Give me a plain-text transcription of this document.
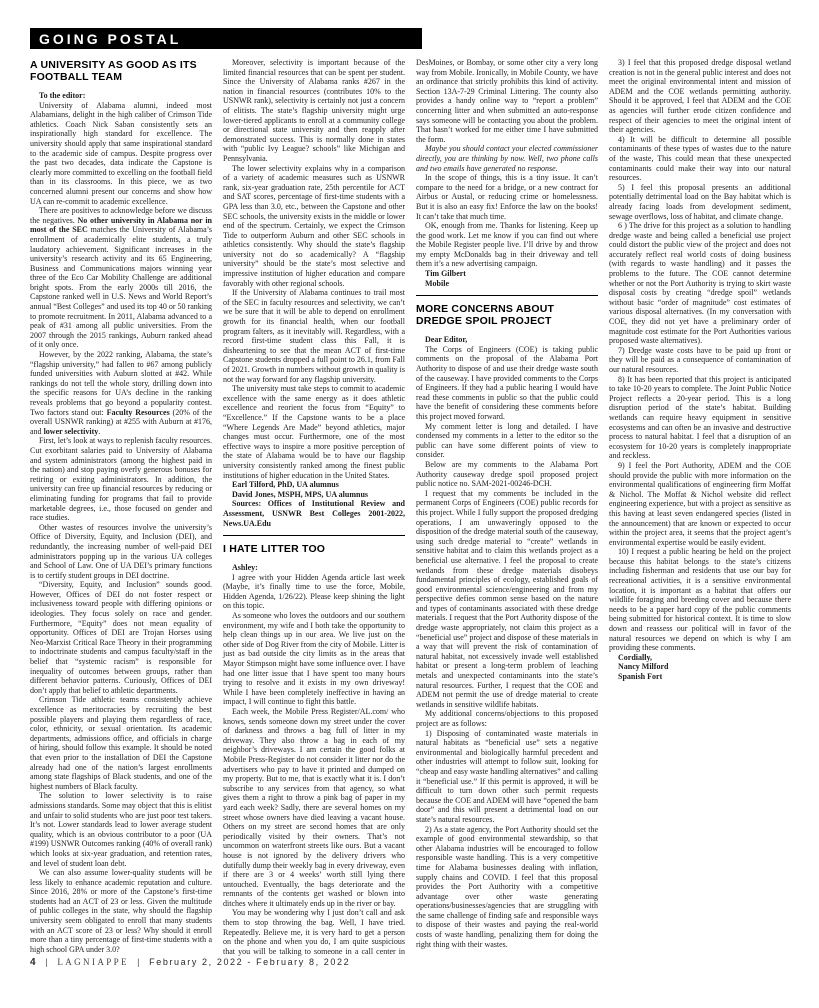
GOING POSTAL
A UNIVERSITY AS GOOD AS ITS FOOTBALL TEAM

To the editor:

University of Alabama alumni, indeed most Alabamians, delight in the high caliber of Crimson Tide athletics. Coach Nick Saban consistently sets an inspirationally high standard for excellence. The university should apply that same inspirational standard to the academic side of campus. Despite progress over the past two decades, data indicate the Capstone is clearly more committed to excelling on the football field than in its classrooms. In this piece, we as two concerned alumni present our concerns and show how UA can re-commit to academic excellence.

There are positives to acknowledge before we discuss the negatives. No other university in Alabama nor in most of the SEC matches the University of Alabama’s enrollment of academically elite students, a truly laudatory achievement. Significant increases in the university’s research activity and its 65 Engineering, Business and Communications majors winning year three of the Eco Car Mobility Challenge are additional bright spots. From the early 2000s till 2016, the Capstone ranked well in U.S. News and World Report’s annual “Best Colleges” and used its top 40 or 50 ranking to promote recruitment. In 2011, Alabama advanced to a peak of #31 among all public universities. From the 2007 through the 2015 rankings, Auburn ranked ahead of it only once.

However, by the 2022 ranking, Alabama, the state’s “flagship university,” had fallen to #67 among publicly funded universities with Auburn slotted at #42. While rankings do not tell the whole story, drilling down into the specific reasons for UA’s decline in the ranking reveals problems that go beyond a popularity contest. Two factors stand out: Faculty Resources (20% of the overall USNWR ranking) at #255 with Auburn at #176, and lower selectivity.

First, let’s look at ways to replenish faculty resources. Cut exorbitant salaries paid to University of Alabama and system administrators (among the highest paid in the nation) and stop paying overly generous bonuses for retiring or exiting administrators. In addition, the university can free up financial resources by reducing or eliminating funding for programs that fail to provide marketable degrees, i.e., those focused on gender and race studies.

Other wastes of resources involve the university’s Office of Diversity, Equity, and Inclusion (DEI), and redundantly, the increasing number of well-paid DEI administrators popping up in the various UA colleges and School of Law. One of UA DEI’s primary functions is to certify student groups in DEI doctrine.

“Diversity, Equity, and Inclusion” sounds good. However, Offices of DEI do not foster respect or inclusiveness toward people with differing opinions or ideologies. They focus solely on race and gender. Furthermore, “Equity” does not mean equality of opportunity. Offices of DEI are Trojan Horses using Neo-Marxist Critical Race Theory in their programming to indoctrinate students and campus faculty/staff in the belief that “systemic racism” is responsible for inequality of outcomes between groups, rather than different behavior patterns. Curiously, Offices of DEI don’t apply that belief to athletic departments.

Crimson Tide athletic teams consistently achieve excellence as meritocracies by recruiting the best possible players and playing them regardless of race, color, ethnicity, or sexual orientation. Its academic departments, admissions office, and officials in charge of hiring, should follow this example. It should be noted that even prior to the installation of DEI the Capstone already had one of the nation’s largest enrollments among state flagships of Black students, and one of the highest numbers of Black faculty.

The solution to lower selectivity is to raise admissions standards. Some may object that this is elitist and unfair to solid students who are just poor test takers. It’s not. Lower standards lead to lower average student quality, which is an obvious contributor to a poor (UA #199) USNWR Outcomes ranking (40% of overall rank) which looks at six-year graduation, and retention rates, and level of student loan debt.

We can also assume lower-quality students will be less likely to enhance academic reputation and culture. Since 2016, 28% or more of the Capstone’s first-time students had an ACT of 23 or less. Given the multitude of public colleges in the state, why should the flagship university seem obligated to enroll that many students with an ACT score of 23 or less? Why should it enroll more than a tiny percentage of first-time students with a high school GPA under 3.0?

Moreover, selectivity is important because of the limited financial resources that can be spent per student. Since the University of Alabama ranks #267 in the nation in financial resources (contributes 10% to the USNWR rank), selectivity is certainly not just a concern of elitists. The state’s flagship university might urge lower-tiered applicants to enroll at a community college or directional state university and then reapply after demonstrated success. This is normally done in states with “public Ivy League? schools” like Michigan and Pennsylvania.

The lower selectivity explains why in a comparison of a variety of academic measures such as USNWR rank, six-year graduation rate, 25th percentile for ACT and SAT scores, percentage of first-time students with a GPA less than 3.0, etc., between the Capstone and other SEC schools, the university exists in the middle or lower end of the spectrum. Certainly, we expect the Crimson Tide to outperform Auburn and other SEC schools in athletics consistently. Why should the state’s flagship university not do so academically? A “flagship university” should be the state’s most selective and impressive institution of higher education and compare favorably with other regional schools.

If the University of Alabama continues to trail most of the SEC in faculty resources and selectivity, we can’t we be sure that it will be able to depend on enrollment growth for its financial health, when our football program falters, as it inevitably will. Regardless, with a record first-time student class this Fall, it is disheartening to see that the mean ACT of first-time Capstone students dropped a full point to 26.1, from Fall of 2021. Growth in numbers without growth in quality is not the way forward for any flagship university.

The university must take steps to commit to academic excellence with the same energy as it does athletic excellence and reorient the focus from “Equity” to “Excellence.” If the Capstone wants to be a place “Where Legends Are Made” beyond athletics, major changes must occur. Furthermore, one of the most effective ways to inspire a more positive perception of the state of Alabama would be to have our flagship university consistently ranked among the finest public institutions of higher education in the United States.

Earl Tilford, PhD, UA alumnus

David Jones, MSPH, MPS, UA alumnus

Sources: Offices of Institutional Review and Assessment, USNWR Best Colleges 2001-2022, News.UA.Edu

I HATE LITTER TOO

Ashley:

I agree with your Hidden Agenda article last week (Maybe, it’s finally time to use the force, Mobile, Hidden Agenda, 1/26/22). Please keep shining the light on this topic.

As someone who loves the outdoors and our southern environment, my wife and I both take the opportunity to help clean things up in our area. We live just on the other side of Dog River from the city of Mobile. Litter is just as bad outside the city limits as in the areas that Mayor Stimpson might have some influence over. I have had one litter issue that I have spent too many hours trying to resolve and it exists in my own driveway! While I have been completely ineffective in having an impact, I will continue to fight this battle.

Each week, the Mobile Press Register/AL.com/ who knows, sends someone down my street under the cover of darkness and throws a bag full of litter in my driveway. They also throw a bag in each of my neighbor’s driveways. I am certain the good folks at Mobile Press-Register do not consider it litter nor do the advertisers who pay to have it printed and dumped on my property. But to me, that is exactly what it is. I don’t subscribe to any services from that agency, so what gives them a right to throw a pink bag of paper in my yard each week? Sadly, there are several homes on my street whose owners have died leaving a vacant house. Others on my street are second homes that are only periodically visited by their owners. That’s not uncommon on waterfront streets like ours. But a vacant house is not ignored by the delivery drivers who dutifully dump their weekly bag in every driveway, even if there are 3 or 4 weeks’ worth still lying there untouched. Eventually, the bags deteriorate and the remnants of the contents get washed or blown into ditches where it ultimately ends up in the river or bay.

You may be wondering why I just don’t call and ask them to stop throwing the bag. Well, I have tried. Repeatedly. Believe me, it is very hard to get a person on the phone and when you do, I am quite suspicious that you will be talking to someone in a call center in DesMoines, or Bombay, or some other city a very long way from Mobile. Ironically, in Mobile County, we have an ordinance that strictly prohibits this kind of activity. Section 13A-7-29 Criminal Littering. The county also provides a handy online way to “report a problem” concerning litter and when submitted an auto-response says someone will be contacting you about the problem. That hasn’t worked for me either time I have submitted the form.

Maybe you should contact your elected commissioner directly, you are thinking by now. Well, two phone calls and two emails have generated no response.

In the scope of things, this is a tiny issue. It can’t compare to the need for a bridge, or a new contract for Airbus or Austal, or reducing crime or homelessness. But it is also an easy fix! Enforce the law on the books! It can’t take that much time.

OK, enough from me. Thanks for listening. Keep up the good work. Let me know if you can find out where the Mobile Register people live. I’ll drive by and throw my empty McDonalds bag in their driveway and tell them it’s a new advertising campaign.

Tim Gilbert

Mobile

MORE CONCERNS ABOUT DREDGE SPOIL PROJECT

Dear Editor,

The Corps of Engineers (COE) is taking public comments on the proposal of the Alabama Port Authority to dispose of and use their dredge waste south of the causeway. I have provided comments to the Corps of Engineers. If they had a public hearing I would have read these comments in public so that the public could have the benefit of considering these comments before this project moved forward.

My comment letter is long and detailed. I have condensed my comments in a letter to the editor so the public can have some different points of view to consider.

Below are my comments to the Alabama Port Authority causeway dredge spoil proposed project public notice no. SAM-2021-00246-DCH.

I request that my comments be included in the permanent Corps of Engineers (COE) public records for this project. While I fully support the proposed dredging operations, I am unwaveringly opposed to the disposition of the dredge material south of the causeway, using such dredge material to “create” wetlands in sensitive habitat and to claim this wetlands project as a beneficial use alternative. I feel the proposal to create wetlands from these dredge materials disobeys fundamental principles of ecology, established goals of good environmental science/engineering and from my perspective defies common sense based on the nature and types of contaminants associated with these dredge materials. I request that the Port Authority dispose of the dredge waste appropriately, not claim this project as a “beneficial use” project and dispose of these materials in a way that will prevent the risk of contamination of natural habitat, not excessively invade well established habitat or present a long-term problem of leaching metals and unexpected contaminants into the state’s natural resources. Further, I request that the COE and ADEM not permit the use of dredge material to create wetlands in sensitive wildlife habitats.

My additional concerns/objections to this proposed project are as follows:

1) Disposing of contaminated waste materials in natural habitats as “beneficial use” sets a negative environmental and biologically harmful precedent and other industries will attempt to follow suit, looking for “cheap and easy waste handling alternatives” and calling it “beneficial use.” If this permit is approved, it will be difficult to turn down other such permit requests because the COE and ADEM will have “opened the barn door” and this will present a detrimental load on our state’s natural resources.

2) As a state agency, the Port Authority should set the example of good environmental stewardship, so that other Alabama industries will be encouraged to follow responsible waste handling. This is a very competitive time for Alabama businesses dealing with inflation, supply chains and COVID. I feel that this proposal provides the Port Authority with a competitive advantage over other waste generating operations/businesses/agencies that are struggling with the same challenge of finding safe and responsible ways to dispose of their wastes and paying the real-world costs of waste handling, penalizing them for doing the right thing with their wastes.

3) I feel that this proposed dredge disposal wetland creation is not in the general public interest and does not meet the original environmental intent and mission of ADEM and the COE wetlands permitting authority. Should it be approved, I feel that ADEM and the COE as agencies will further erode citizen confidence and respect of their agencies to meet the original intent of their agencies.

4) It will be difficult to determine all possible contaminants of these types of wastes due to the nature of the waste, This could mean that these unexpected contaminants could make their way into our natural resources.

5) I feel this proposal presents an additional potentially detrimental load on the Bay habitat which is already facing loads from development sediment, sewage overflows, loss of habitat, and climate change.

6 ) The drive for this project as a solution to handling dredge waste and being called a beneficial use project could distort the public view of the project and does not accurately reflect real world costs of doing business (with regards to waste handling) and it passes the problems to the future. The COE cannot determine whether or not the Port Authority is trying to skirt waste disposal costs by creating “dredge spoil” wetlands without basic “order of magnitude” cost estimates of various disposal alternatives. (In my conversation with COE, they did not yet have a preliminary order of magnitude cost estimate for the Port Authorities various proposed waste alternatives).

7) Dredge waste costs have to be paid up front or they will be paid as a consequence of contamination of our natural resources.

8) It has been reported that this project is anticipated to take 10-20 years to complete. The Joint Public Notice Project reflects a 20-year period. This is a long disruption period of the state’s habitat. Building wetlands can require heavy equipment in sensitive ecosystems and can often be an invasive and destructive process to natural habitat. I feel that a disruption of an ecosystem for 10-20 years is completely inappropriate and reckless.

9) I feel the Port Authority, ADEM and the COE should provide the public with more information on the environmental qualifications of engineering firm Moffat & Nichol. The Moffat & Nichol website did reflect engineering experience, but with a project as sensitive as this having at least seven endangered species (listed in the announcement) that are known or expected to occur within the project area, it seems that the project agent’s environmental expertise would be easily evident.

10) I request a public hearing be held on the project because this habitat belongs to the state’s citizens including fisherman and residents that use our bay for recreational activities, it is a sensitive environmental location, it is important as a habitat that offers our wildlife foraging and breeding cover and because there needs to be a paper hard copy of the public comments being submitted for historical context. It is time to slow down and reassess our political will in favor of the natural resources we depend on which is why I am providing these comments.

Cordially,

Nancy Milford

Spanish Fort

4 | LAGNIAPPE | February 2, 2022 - February 8, 2022
